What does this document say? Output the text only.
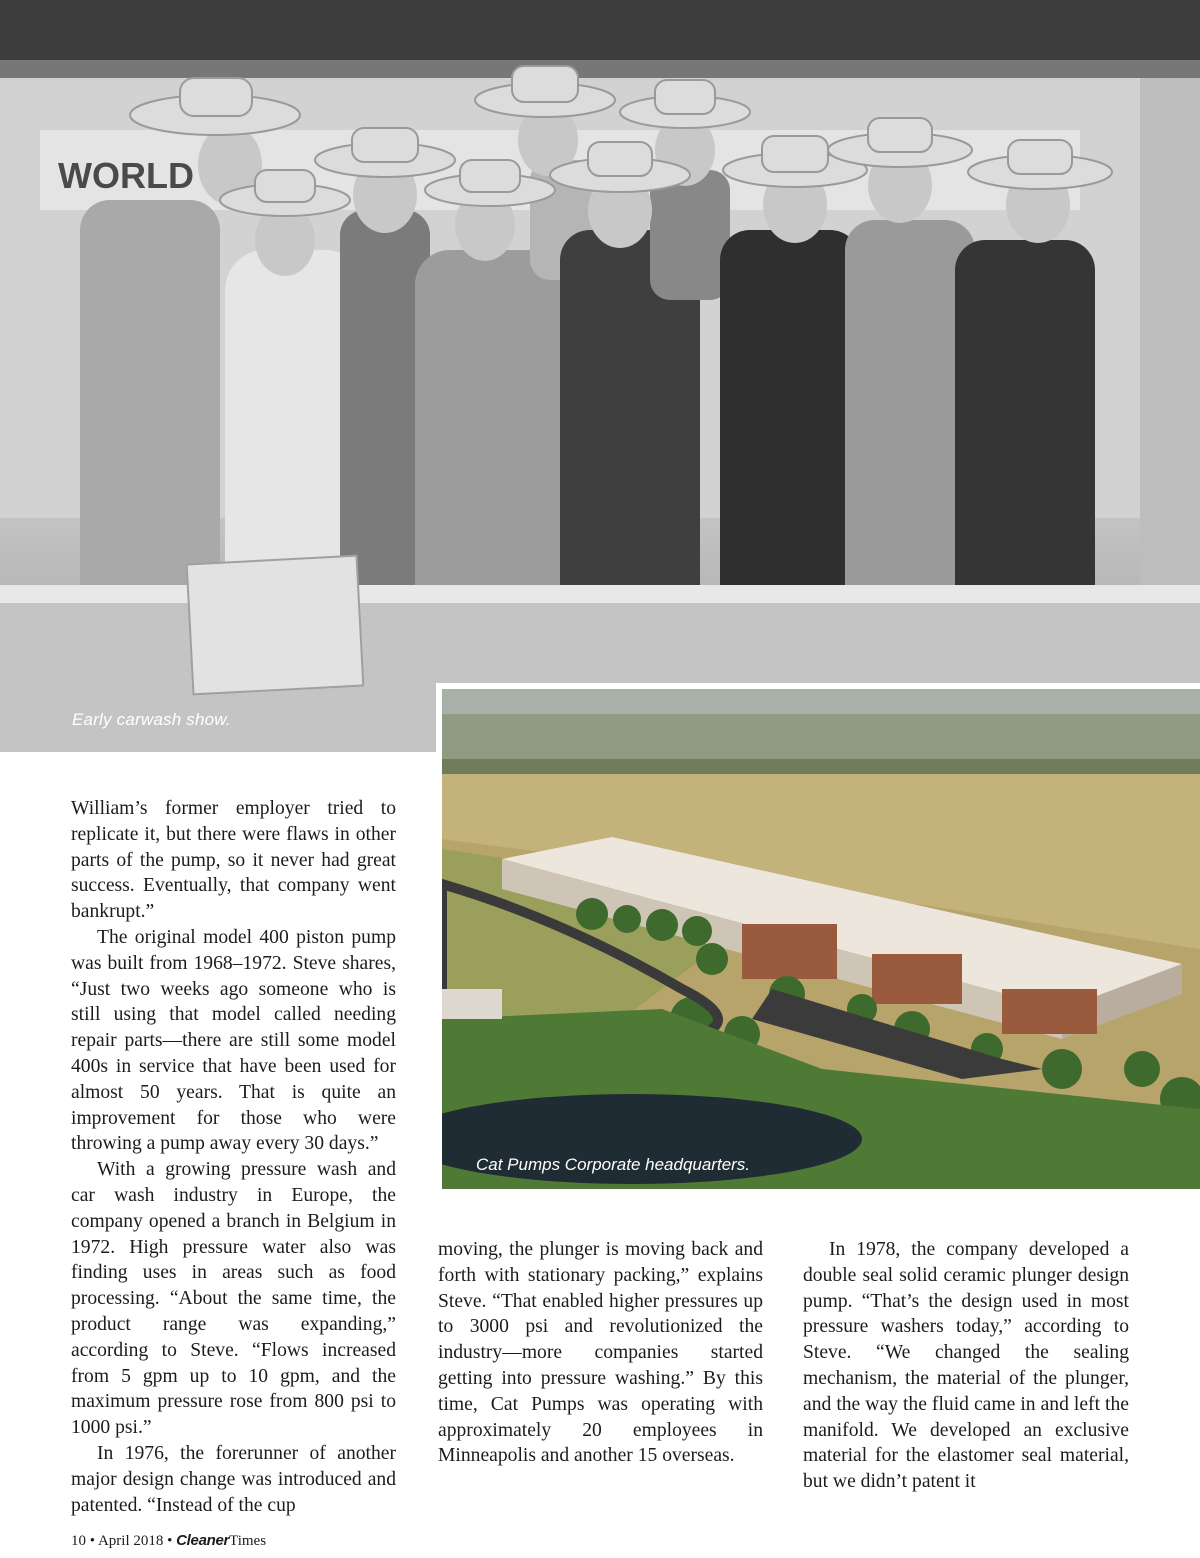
WORLD
Early carwash show.
Cat Pumps Corporate headquarters.

William’s former employer tried to replicate it, but there were flaws in other parts of the pump, so it never had great success. Eventually, that company went bankrupt.”

The original model 400 piston pump was built from 1968–1972. Steve shares, “Just two weeks ago someone who is still using that model called needing repair parts—there are still some model 400s in service that have been used for almost 50 years. That is quite an improvement for those who were throwing a pump away every 30 days.”

With a growing pressure wash and car wash industry in Europe, the company opened a branch in Belgium in 1972. High pressure water also was finding uses in areas such as food processing. “About the same time, the product range was expanding,” according to Steve. “Flows increased from 5 gpm up to 10 gpm, and the maximum pressure rose from 800 psi to 1000 psi.”

In 1976, the forerunner of another major design change was introduced and patented. “Instead of the cup

moving, the plunger is moving back and forth with stationary packing,” explains Steve. “That enabled higher pressures up to 3000 psi and revolutionized the industry—more companies started getting into pressure washing.” By this time, Cat Pumps was operating with approximately 20 employees in Minneapolis and another 15 overseas.

In 1978, the company developed a double seal solid ceramic plunger design pump. “That’s the design used in most pressure washers today,” according to Steve. “We changed the sealing mechanism, the material of the plunger, and the way the fluid came in and left the manifold. We developed an exclusive material for the elastomer seal material, but we didn’t patent it

10 • April 2018 • CleanerTimes
